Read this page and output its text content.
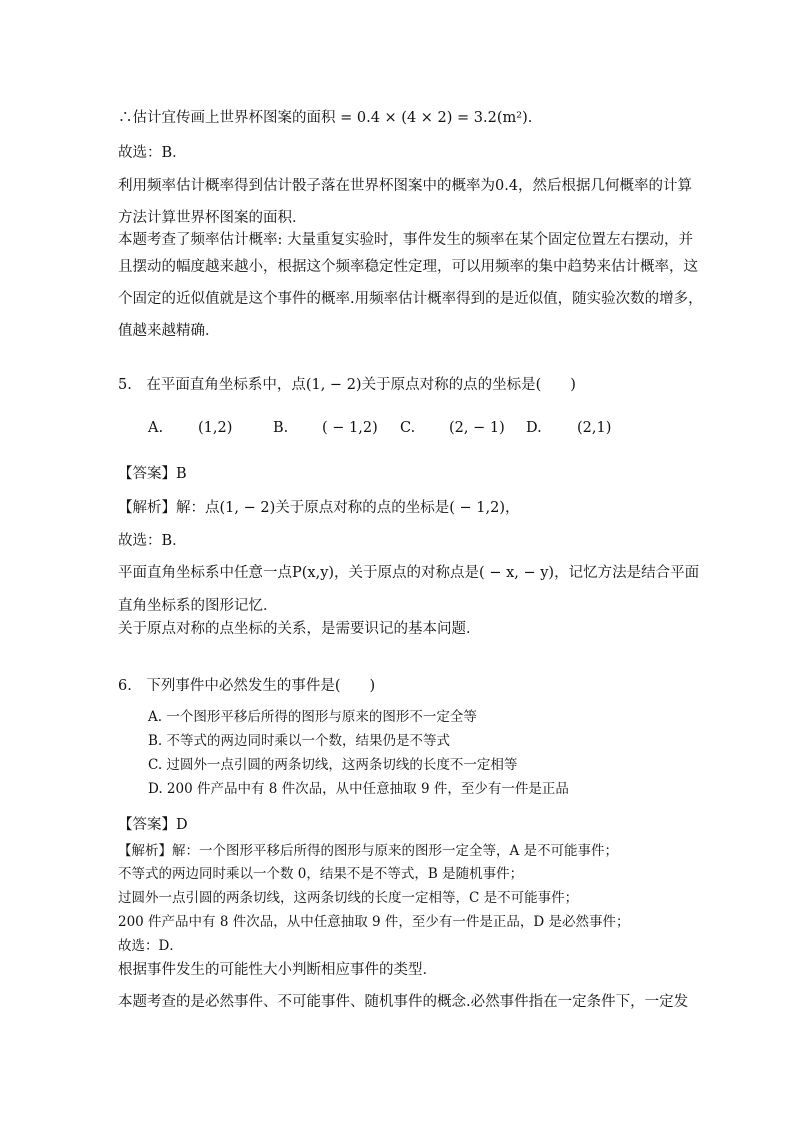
∴估计宜传画上世界杯图案的面积 = 0.4 × (4 × 2) = 3.2(m²).
故选：B．
利用频率估计概率得到估计骰子落在世界杯图案中的概率为0.4，然后根据几何概率的计算
方法计算世界杯图案的面积．
本题考查了频率估计概率: 大量重复实验时，事件发生的频率在某个固定位置左右摆动，并
且摆动的幅度越来越小，根据这个频率稳定性定理，可以用频率的集中趋势来估计概率，这
个固定的近似值就是这个事件的概率.用频率估计概率得到的是近似值，随实验次数的增多，
值越来越精确．
5.　在平面直角坐标系中，点(1, − 2)关于原点对称的点的坐标是(　　)
A. (1,2)	B. ( − 1,2) C. (2, − 1) D. (2,1)
【答案】B
【解析】解：点(1, − 2)关于原点对称的点的坐标是( − 1,2)，
故选：B．
平面直角坐标系中任意一点P(x,y)，关于原点的对称点是( − x, − y)，记忆方法是结合平面
直角坐标系的图形记忆．
关于原点对称的点坐标的关系，是需要识记的基本问题．
6.　下列事件中必然发生的事件是(　　)
A. 一个图形平移后所得的图形与原来的图形不一定全等
B. 不等式的两边同时乘以一个数，结果仍是不等式
C. 过圆外一点引圆的两条切线，这两条切线的长度不一定相等
D. 200 件产品中有 8 件次品，从中任意抽取 9 件，至少有一件是正品
【答案】D
【解析】解：一个图形平移后所得的图形与原来的图形一定全等，A 是不可能事件；
不等式的两边同时乘以一个数 0，结果不是不等式，B 是随机事件；
过圆外一点引圆的两条切线，这两条切线的长度一定相等，C 是不可能事件；
200 件产品中有 8 件次品，从中任意抽取 9 件，至少有一件是正品，D 是必然事件；
故选：D．
根据事件发生的可能性大小判断相应事件的类型．
本题考查的是必然事件、不可能事件、随机事件的概念.必然事件指在一定条件下，一定发
